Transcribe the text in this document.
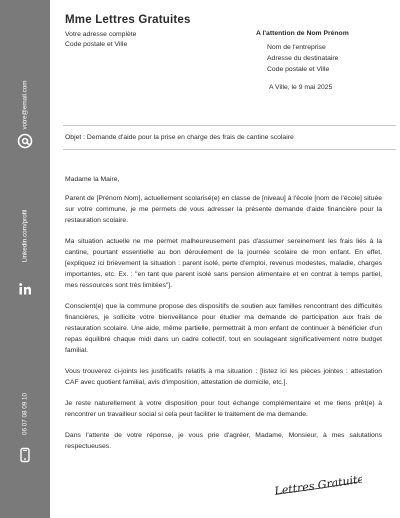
votre@email.com
Linkedin.com/profil
06 07 08 09 10
Mme Lettres Gratuites
Votre adresse complète
Code postale et Ville
A l'attention de Nom Prénom
Nom de l'entreprise
Adresse du destinataire
Code postale et Ville
A Ville, le 9 mai 2025
Objet : Demande d'aide pour la prise en charge des frais de cantine scolaire
Madame la Maire,
Parent de [Prénom Nom], actuellement scolarisé(e) en classe de [niveau] à l'école [nom de l'école] située sur votre commune, je me permets de vous adresser la présente demande d'aide financière pour la restauration scolaire.
Ma situation actuelle ne me permet malheureusement pas d'assumer sereinement les frais liés à la cantine, pourtant essentielle au bon déroulement de la journée scolaire de mon enfant. En effet, [expliquez ici brièvement la situation : parent isolé, perte d'emploi, revenus modestes, maladie, charges importantes, etc. Ex. : "en tant que parent isolé sans pension alimentaire et en contrat à temps partiel, mes ressources sont très limitées"].
Conscient(e) que la commune propose des dispositifs de soutien aux familles rencontrant des difficultés financières, je sollicite votre bienveillance pour étudier ma demande de participation aux frais de restauration scolaire. Une aide, même partielle, permettrait à mon enfant de continuer à bénéficier d'un repas équilibré chaque midi dans un cadre collectif, tout en soulageant significativement notre budget familial.
Vous trouverez ci-joints les justificatifs relatifs à ma situation : [listez ici les pièces jointes : attestation CAF avec quotient familial, avis d'imposition, attestation de domicile, etc.].
Je reste naturellement à votre disposition pour tout échange complémentaire et me tiens prêt(e) à rencontrer un travailleur social si cela peut faciliter le traitement de ma demande.
Dans l'attente de votre réponse, je vous prie d'agréer, Madame, Monsieur, à mes salutations respectueuses.
Lettres Gratuites
